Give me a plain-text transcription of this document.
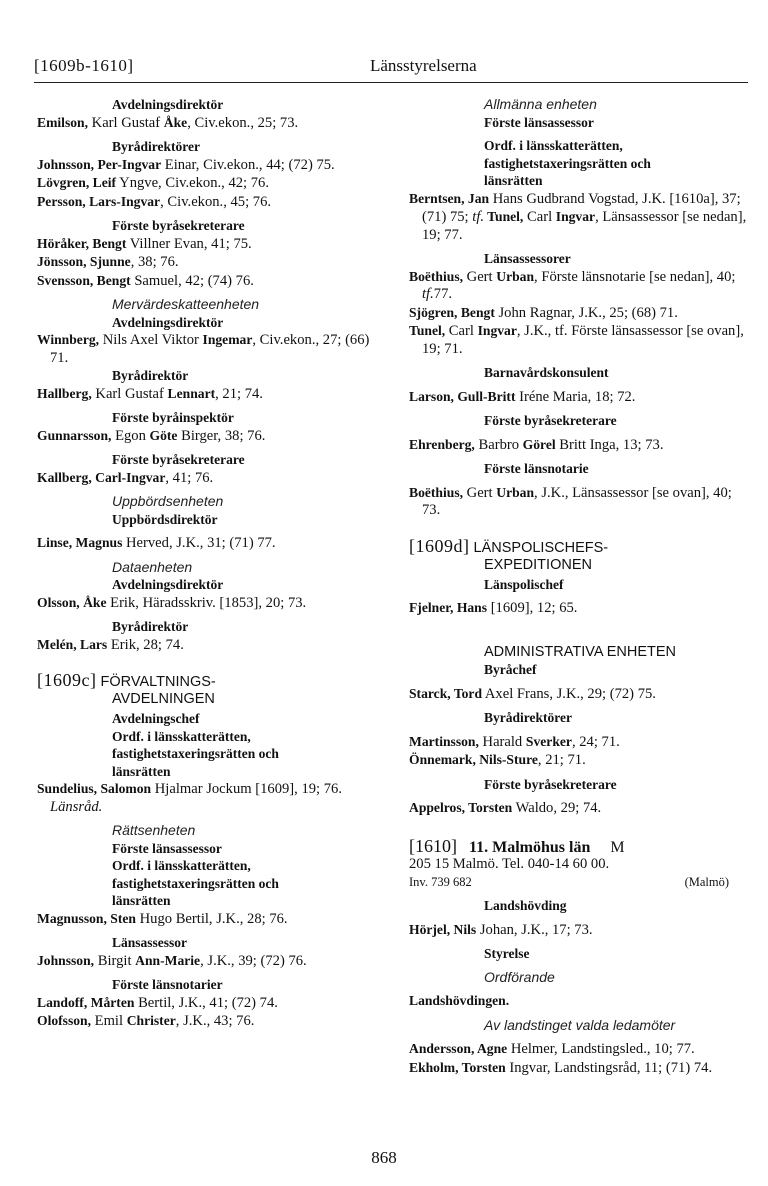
[1609b-1610]	Länsstyrelserna
Avdelningsdirektör
Emilson, Karl Gustaf Åke, Civ.ekon., 25; 73.
Byrådirektörer
Johnsson, Per-Ingvar Einar, Civ.ekon., 44; (72) 75.
Lövgren, Leif Yngve, Civ.ekon., 42; 76.
Persson, Lars-Ingvar, Civ.ekon., 45; 76.
Förste byråsekreterare
Höråker, Bengt Villner Evan, 41; 75.
Jönsson, Sjunne, 38; 76.
Svensson, Bengt Samuel, 42; (74) 76.
Mervärdeskatteenheten
Avdelningsdirektör
Winnberg, Nils Axel Viktor Ingemar, Civ.ekon., 27; (66) 71.
Byrådirektör
Hallberg, Karl Gustaf Lennart, 21; 74.
Förste byråinspektör
Gunnarsson, Egon Göte Birger, 38; 76.
Förste byråsekreterare
Kallberg, Carl-Ingvar, 41; 76.
Uppbördsenheten
Uppbördsdirektör
Linse, Magnus Herved, J.K., 31; (71) 77.
Dataenheten
Avdelningsdirektör
Olsson, Åke Erik, Häradsskriv. [1853], 20; 73.
Byrådirektör
Melén, Lars Erik, 28; 74.
[1609c] FÖRVALTNINGS-
AVDELNINGEN
Avdelningschef
Ordf. i länsskatterätten,
fastighetstaxeringsrätten och
länsrätten
Sundelius, Salomon Hjalmar Jockum [1609], 19; 76. Länsråd.
Rättsenheten
Förste länsassessor
Ordf. i länsskatterätten,
fastighetstaxeringsrätten och
länsrätten
Magnusson, Sten Hugo Bertil, J.K., 28; 76.
Länsassessor
Johnsson, Birgit Ann-Marie, J.K., 39; (72) 76.
Förste länsnotarier
Landoff, Mårten Bertil, J.K., 41; (72) 74.
Olofsson, Emil Christer, J.K., 43; 76.
Allmänna enheten
Förste länsassessor
Ordf. i länsskatterätten,
fastighetstaxeringsrätten och
länsrätten
Berntsen, Jan Hans Gudbrand Vogstad, J.K. [1610a], 37; (71) 75; tf. Tunel, Carl Ingvar, Länsassessor [se nedan], 19; 77.
Länsassessorer
Boëthius, Gert Urban, Förste länsnotarie [se nedan], 40; tf.77.
Sjögren, Bengt John Ragnar, J.K., 25; (68) 71.
Tunel, Carl Ingvar, J.K., tf. Förste länsassessor [se ovan], 19; 71.
Barnavårdskonsulent
Larson, Gull-Britt Iréne Maria, 18; 72.
Förste byråsekreterare
Ehrenberg, Barbro Görel Britt Inga, 13; 73.
Förste länsnotarie
Boëthius, Gert Urban, J.K., Länsassessor [se ovan], 40; 73.
[1609d] LÄNSPOLISCHEFS-
EXPEDITIONEN
Länspolischef
Fjelner, Hans [1609], 12; 65.
ADMINISTRATIVA ENHETEN
Byråchef
Starck, Tord Axel Frans, J.K., 29; (72) 75.
Byrådirektörer
Martinsson, Harald Sverker, 24; 71.
Önnemark, Nils-Sture, 21; 71.
Förste byråsekreterare
Appelros, Torsten Waldo, 29; 74.
[1610] 11. Malmöhus län M
205 15 Malmö. Tel. 040-14 60 00.
Inv. 739 682	(Malmö)
Landshövding
Hörjel, Nils Johan, J.K., 17; 73.
Styrelse
Ordförande
Landshövdingen.
Av landstinget valda ledamöter
Andersson, Agne Helmer, Landstingsled., 10; 77.
Ekholm, Torsten Ingvar, Landstingsråd, 11; (71) 74.
868
